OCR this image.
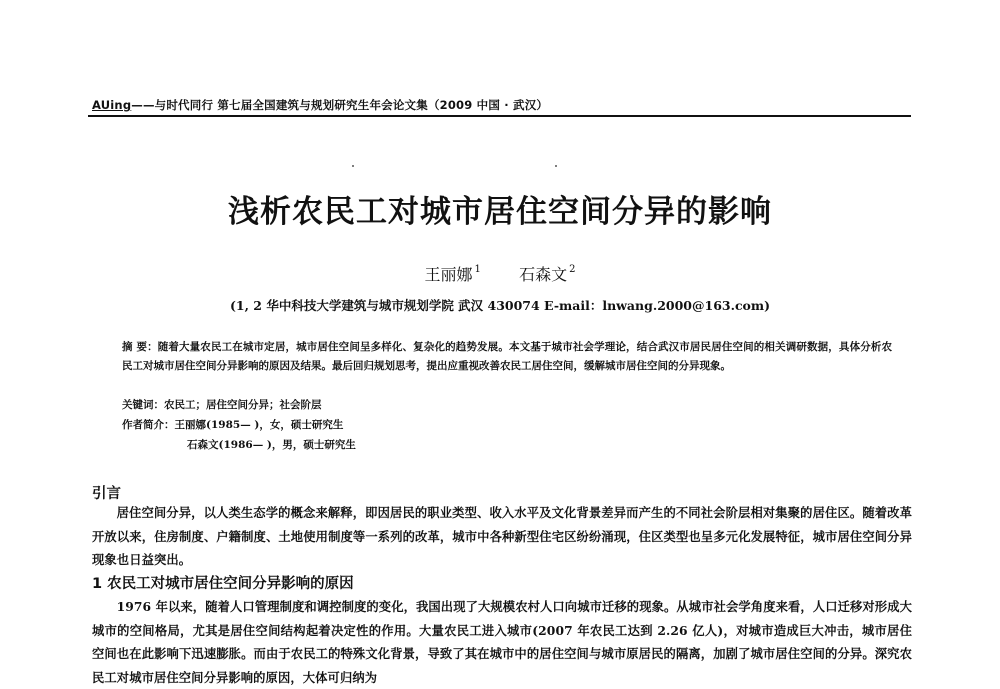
AUing——与时代同行 第七届全国建筑与规划研究生年会论文集（2009 中国 · 武汉）
浅析农民工对城市居住空间分异的影响
王丽娜 $^1$ 石森文 $^2$
(1, 2 华中科技大学建筑与城市规划学院 武汉 430074 E-mail：lnwang.2000@163.com)
摘 要：随着大量农民工在城市定居，城市居住空间呈多样化、复杂化的趋势发展。本文基于城市社会学理论，结合武汉市居民居住空间的相关调研数据，具体分析农民工对城市居住空间分异影响的原因及结果。最后回归规划思考，提出应重视改善农民工居住空间，缓解城市居住空间的分异现象。
关键词：农民工；居住空间分异；社会阶层
作者简介：王丽娜(1985— )，女，硕士研究生
石森文(1986— )，男，硕士研究生
引言
居住空间分异，以人类生态学的概念来解释，即因居民的职业类型、收入水平及文化背景差异而产生的不同社会阶层相对集聚的居住区。随着改革开放以来，住房制度、户籍制度、土地使用制度等一系列的改革，城市中各种新型住宅区纷纷涌现，住区类型也呈多元化发展特征，城市居住空间分异现象也日益突出。
1 农民工对城市居住空间分异影响的原因
1976 年以来，随着人口管理制度和调控制度的变化，我国出现了大规模农村人口向城市迁移的现象。从城市社会学角度来看，人口迁移对形成大城市的空间格局，尤其是居住空间结构起着决定性的作用。大量农民工进入城市(2007 年农民工达到 2.26 亿人)，对城市造成巨大冲击，城市居住空间也在此影响下迅速膨胀。而由于农民工的特殊文化背景，导致了其在城市中的居住空间与城市原居民的隔离，加剧了城市居住空间的分异。深究农民工对城市居住空间分异影响的原因，大体可归纳为
